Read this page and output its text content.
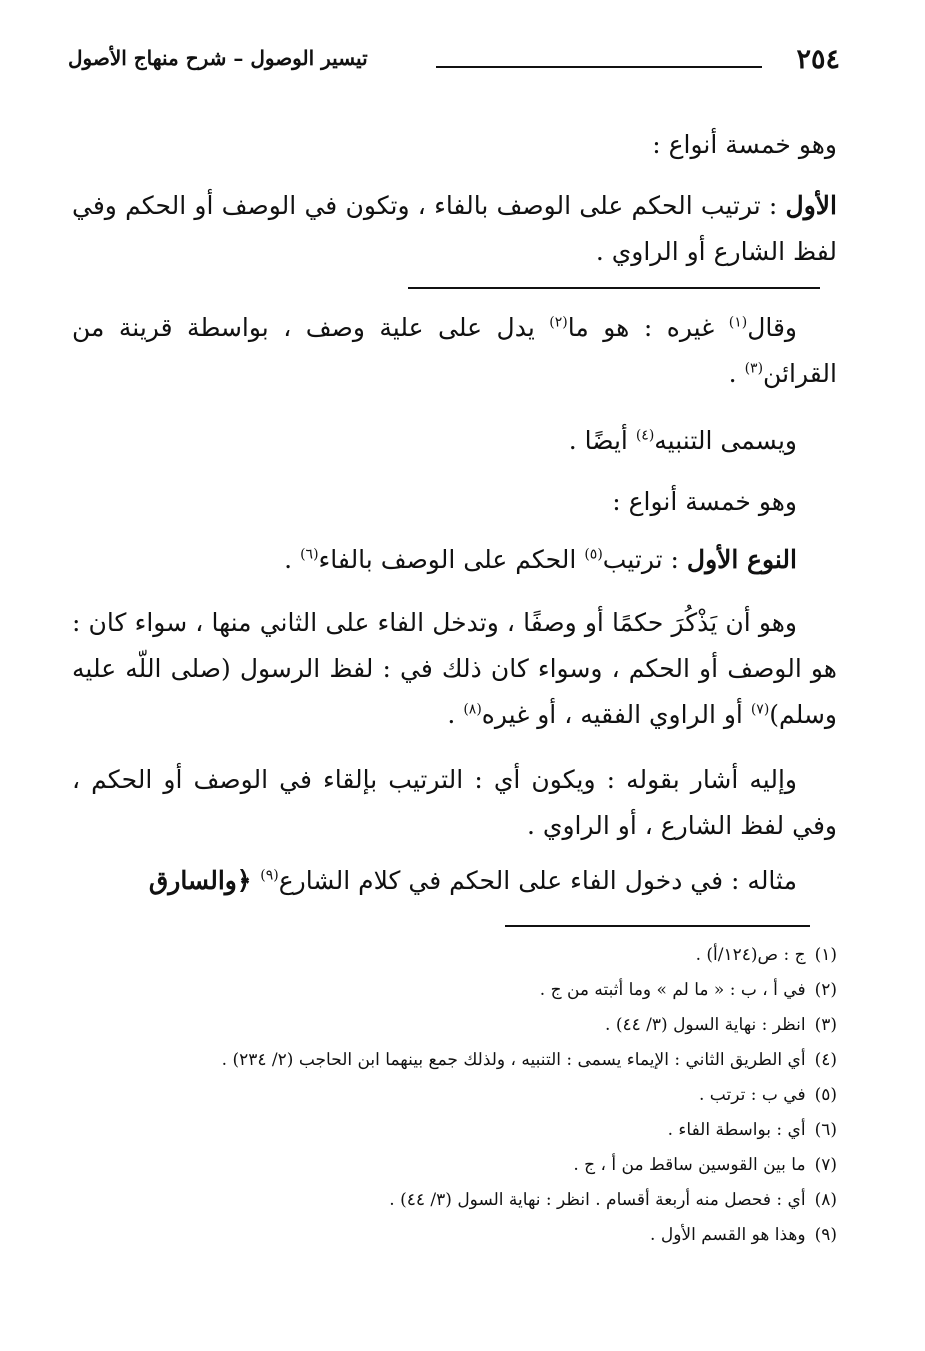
٢٥٤
تيسير الوصول – شرح منهاج الأصول
وهو خمسة أنواع :
الأول : ترتيب الحكم على الوصف بالفاء ، وتكون في الوصف أو الحكم وفي لفظ الشارع أو الراوي .
وقال$^{(١)}$ غيره : هو ما$^{(٢)}$ يدل على علية وصف ، بواسطة قرينة من القرائن$^{(٣)}$ .
ويسمى التنبيه$^{(٤)}$ أيضًا .
وهو خمسة أنواع :
النوع الأول : ترتيب$^{(٥)}$ الحكم على الوصف بالفاء$^{(٦)}$ .
وهو أن يَذْكُرَ حكمًا أو وصفًا ، وتدخل الفاء على الثاني منها ، سواء كان : هو الوصف أو الحكم ، وسواء كان ذلك في : لفظ الرسول (صلى اللّه عليه وسلم)$^{(٧)}$ أو الراوي الفقيه ، أو غيره$^{(٨)}$ .
وإليه أشار بقوله : ويكون أي : الترتيب بإلقاء في الوصف أو الحكم ، وفي لفظ الشارع ، أو الراوي .
مثاله : في دخول الفاء على الحكم في كلام الشارع$^{(٩)}$ ﴿والسارق
(١) ج : ص(١٢٤/أ) .
(٢) في أ ، ب : « ما لم » وما أثبته من ج .
(٣) انظر : نهاية السول (٣/ ٤٤) .
(٤) أي الطريق الثاني : الإيماء يسمى : التنبيه ، ولذلك جمع بينهما ابن الحاجب (٢/ ٢٣٤) .
(٥) في ب : ترتب .
(٦) أي : بواسطة الفاء .
(٧) ما بين القوسين ساقط من أ ، ج .
(٨) أي : فحصل منه أربعة أقسام . انظر : نهاية السول (٣/ ٤٤) .
(٩) وهذا هو القسم الأول .
